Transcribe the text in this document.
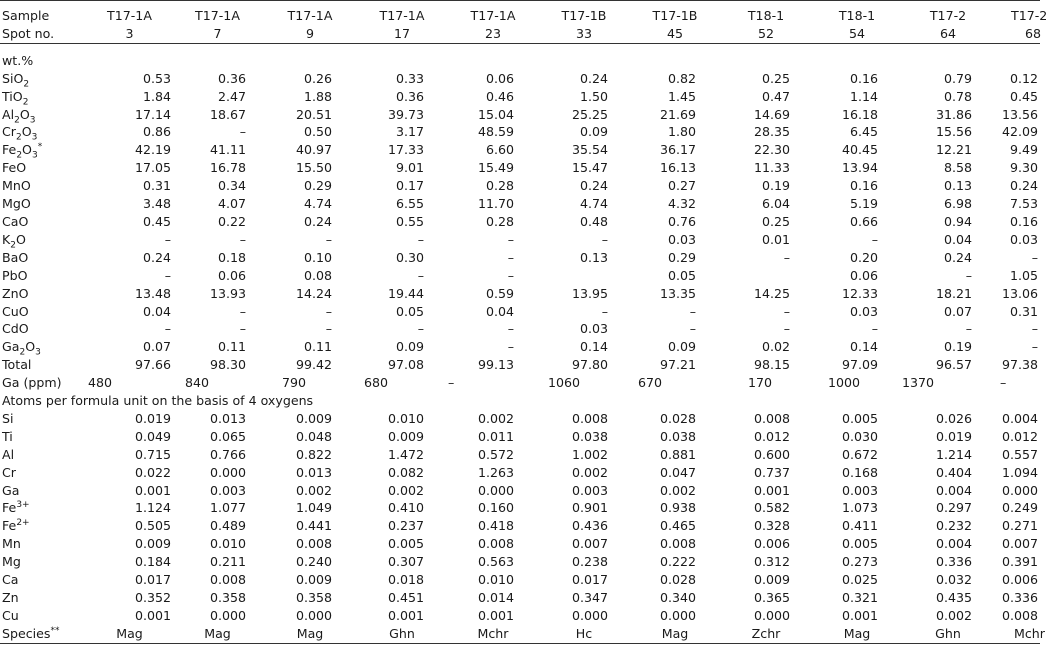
Sample	T17-1A	T17-1A	T17-1A	T17-1A	T17-1A	T17-1B	T17-1B	T18-1	T18-1	T17-2	T17-2
Spot no.	3	7	9	17	23	33	45	52	54	64	68

wt.%											
SiO$_2$	0.53	0.36	0.26	0.33	0.06	0.24	0.82	0.25	0.16	0.79	0.12
TiO$_2$	1.84	2.47	1.88	0.36	0.46	1.50	1.45	0.47	1.14	0.78	0.45
$Al_2O_3$	17.14	18.67	20.51	39.73	15.04	25.25	21.69	14.69	16.18	31.86	13.56
$Cr_2O_3$	0.86	–	0.50	3.17	48.59	0.09	1.80	28.35	6.45	15.56	42.09
$Fe_2O_3^*$	42.19	41.11	40.97	17.33	6.60	35.54	36.17	22.30	40.45	12.21	9.49
FeO	17.05	16.78	15.50	9.01	15.49	15.47	16.13	11.33	13.94	8.58	9.30
MnO	0.31	0.34	0.29	0.17	0.28	0.24	0.27	0.19	0.16	0.13	0.24
MgO	3.48	4.07	4.74	6.55	11.70	4.74	4.32	6.04	5.19	6.98	7.53
CaO	0.45	0.22	0.24	0.55	0.28	0.48	0.76	0.25	0.66	0.94	0.16
$K_2O$	–	–	–	–	–	–	0.03	0.01	–	0.04	0.03
BaO	0.24	0.18	0.10	0.30	–	0.13	0.29	–	0.20	0.24	–
PbO	–	0.06	0.08	–	–		0.05		0.06	–	1.05
ZnO	13.48	13.93	14.24	19.44	0.59	13.95	13.35	14.25	12.33	18.21	13.06
CuO	0.04	–	–	0.05	0.04	–	–	–	0.03	0.07	0.31
CdO	–	–	–	–	–	0.03	–	–	–	–	–
$Ga_2O_3$	0.07	0.11	0.11	0.09	–	0.14	0.09	0.02	0.14	0.19	–
Total	97.66	98.30	99.42	97.08	99.13	97.80	97.21	98.15	97.09	96.57	97.38
Ga (ppm)	480	840	790	680	–	1060	670	170	1000	1370	–
Atoms per formula unit on the basis of 4 oxygens											
Si	0.019	0.013	0.009	0.010	0.002	0.008	0.028	0.008	0.005	0.026	0.004
Ti	0.049	0.065	0.048	0.009	0.011	0.038	0.038	0.012	0.030	0.019	0.012
Al	0.715	0.766	0.822	1.472	0.572	1.002	0.881	0.600	0.672	1.214	0.557
Cr	0.022	0.000	0.013	0.082	1.263	0.002	0.047	0.737	0.168	0.404	1.094
Ga	0.001	0.003	0.002	0.002	0.000	0.003	0.002	0.001	0.003	0.004	0.000
$Fe^{3+}$	1.124	1.077	1.049	0.410	0.160	0.901	0.938	0.582	1.073	0.297	0.249
$Fe^{2+}$	0.505	0.489	0.441	0.237	0.418	0.436	0.465	0.328	0.411	0.232	0.271
Mn	0.009	0.010	0.008	0.005	0.008	0.007	0.008	0.006	0.005	0.004	0.007
Mg	0.184	0.211	0.240	0.307	0.563	0.238	0.222	0.312	0.273	0.336	0.391
Ca	0.017	0.008	0.009	0.018	0.010	0.017	0.028	0.009	0.025	0.032	0.006
Zn	0.352	0.358	0.358	0.451	0.014	0.347	0.340	0.365	0.321	0.435	0.336
Cu	0.001	0.000	0.000	0.001	0.001	0.000	0.000	0.000	0.001	0.002	0.008
Species**	Mag	Mag	Mag	Ghn	Mchr	Hc	Mag	Zchr	Mag	Ghn	Mchr
